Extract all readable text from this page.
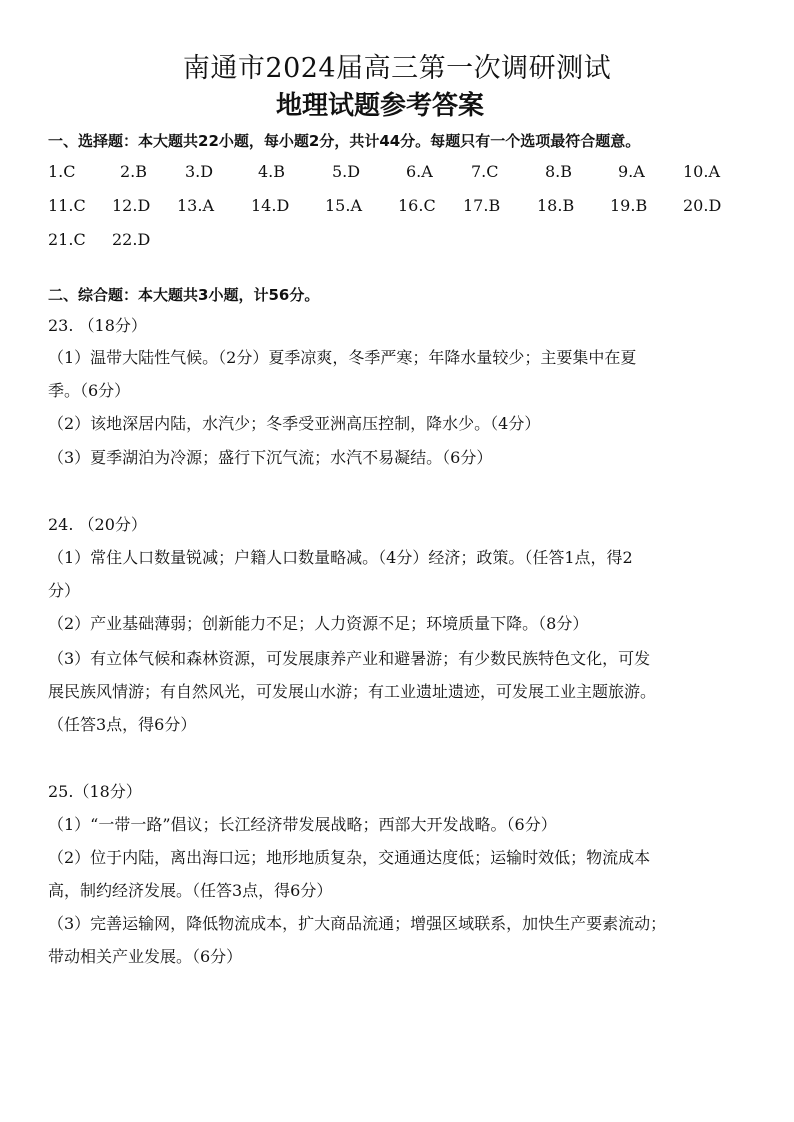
南通市2024届高三第一次调研测试
地理试题参考答案
一、选择题：本大题共22小题，每小题2分，共计44分。每题只有一个选项最符合题意。
1.C	2.B 3.D	4.B	5.D	6.A 7.C	8.B	9.A 10.A
11.C 12.D 13.A 14.D 15.A 16.C 17.B 18.B 19.B 20.D
21.C 22.D
二、综合题：本大题共3小题，计56分。
23. （18分）
（1）温带大陆性气候。（2分）夏季凉爽，冬季严寒；年降水量较少；主要集中在夏
季。（6分）
（2）该地深居内陆，水汽少；冬季受亚洲高压控制，降水少。（4分）
（3）夏季湖泊为冷源；盛行下沉气流；水汽不易凝结。（6分）
24. （20分）
（1）常住人口数量锐减；户籍人口数量略减。（4分）经济；政策。（任答1点，得2
分）
（2）产业基础薄弱；创新能力不足；人力资源不足；环境质量下降。（8分）
（3）有立体气候和森林资源，可发展康养产业和避暑游；有少数民族特色文化，可发
展民族风情游；有自然风光，可发展山水游；有工业遗址遗迹，可发展工业主题旅游。
（任答3点，得6分）
25.（18分）
（1）“一带一路”倡议；长江经济带发展战略；西部大开发战略。（6分）
（2）位于内陆，离出海口远；地形地质复杂，交通通达度低；运输时效低；物流成本
高，制约经济发展。（任答3点，得6分）
（3）完善运输网，降低物流成本，扩大商品流通；增强区域联系，加快生产要素流动；
带动相关产业发展。（6分）
